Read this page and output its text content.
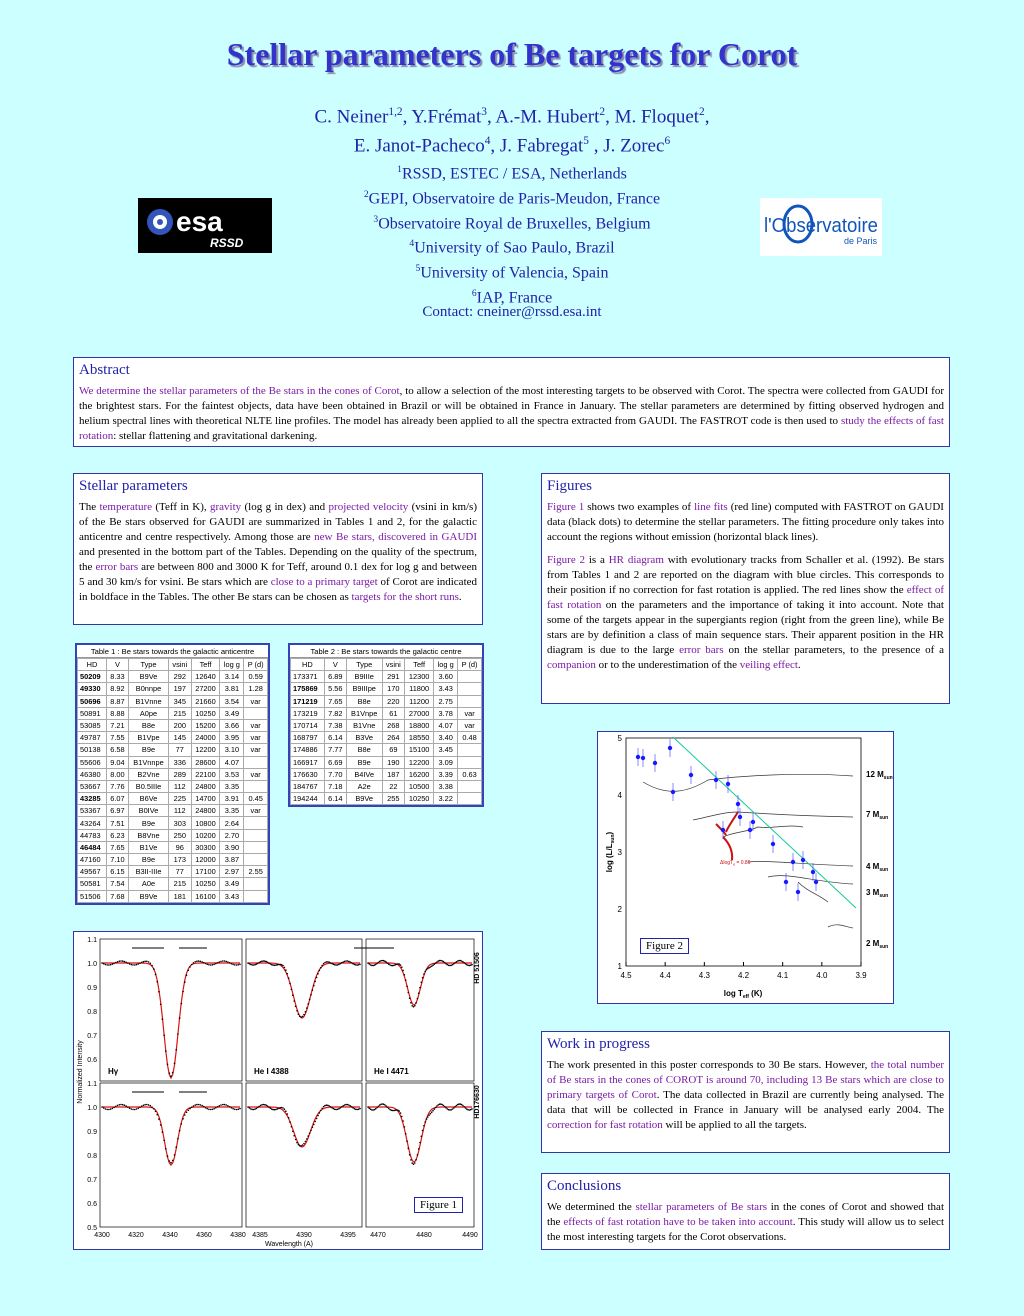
Stellar parameters of Be targets for Corot
C. Neiner$^{1,2}$, Y.Frémat$^3$, A.-M. Hubert$^2$, M. Floquet$^2$,
E. Janot-Pacheco$^4$, J. Fabregat$^5$ , J. Zorec$^6$
$^1$RSSD, ESTEC / ESA, Netherlands
$^2$GEPI, Observatoire de Paris-Meudon, France
$^3$Observatoire Royal de Bruxelles, Belgium
$^4$University of Sao Paulo, Brazil
$^5$University of Valencia, Spain
$^6$IAP, France
Contact: cneiner@rssd.esa.int
esa
RSSD
l'Observatoire
de Paris
Abstract

We determine the stellar parameters of the Be stars in the cones of Corot, to allow a selection of the most interesting targets to be observed with Corot. The spectra were collected from GAUDI for the brightest stars. For the faintest objects, data have been obtained in Brazil or will be obtained in France in January. The stellar parameters are determined by fitting observed hydrogen and helium spectral lines with theoretical NLTE line profiles. The model has already been applied to all the spectra extracted from GAUDI. The FASTROT code is then used to study the effects of fast rotation: stellar flattening and gravitational darkening.

Stellar parameters

The temperature (Teff in K), gravity (log g in dex) and projected velocity (vsini in km/s) of the Be stars observed for GAUDI are summarized in Tables 1 and 2, for the galactic anticentre and centre respectively. Among those are new Be stars, discovered in GAUDI and presented in the bottom part of the Tables. Depending on the quality of the spectrum, the error bars are between 800 and 3000 K for Teff, around 0.1 dex for log g and between 5 and 30 km/s for vsini. Be stars which are close to a primary target of Corot are indicated in boldface in the Tables. The other Be stars can be chosen as targets for the short runs.

Table 1 : Be stars towards the galactic anticentre
HD	V	Type	vsini	Teff	log g	P (d)
50209	8.33	B9Ve	292	12640	3.14	0.59
49330	8.92	B0nnpe	197	27200	3.81	1.28
50696	8.87	B1Vnne	345	21660	3.54	var
50891	8.88	A0pe	215	10250	3.49	
53085	7.21	B8e	200	15200	3.66	var
49787	7.55	B1Vpe	145	24000	3.95	var
50138	6.58	B9e	77	12200	3.10	var
55606	9.04	B1Vnnpe	336	28600	4.07	
46380	8.00	B2Vne	289	22100	3.53	var
53667	7.76	B0.5IIIe	112	24800	3.35	
43285	6.07	B6Ve	225	14700	3.91	0.45
53367	6.97	B0IVe	112	24800	3.35	var
43264	7.51	B9e	303	10800	2.64	
44783	6.23	B8Vne	250	10200	2.70	
46484	7.65	B1Ve	96	30300	3.90	
47160	7.10	B9e	173	12000	3.87	
49567	6.15	B3II-IIIe	77	17100	2.97	2.55
50581	7.54	A0e	215	10250	3.49	
51506	7.68	B9Ve	181	16100	3.43	
Table 2 : Be stars towards the galactic centre
HD	V	Type	vsini	Teff	log g	P (d)
173371	6.89	B9IIIe	291	12300	3.60	
175869	5.56	B9IIIpe	170	11800	3.43	
171219	7.65	B8e	220	11200	2.75	
173219	7.82	B1Vnpe	61	27000	3.78	var
170714	7.38	B1Vne	268	18800	4.07	var
168797	6.14	B3Ve	264	18550	3.40	0.48
174886	7.77	B8e	69	15100	3.45	
166917	6.69	B9e	190	12200	3.09	
176630	7.70	B4IVe	187	16200	3.39	0.63
184767	7.18	A2e	22	10500	3.38	
194244	6.14	B9Ve	255	10250	3.22	
Figures

Figure 1 shows two examples of line fits (red line) computed with FASTROT on GAUDI data (black dots) to determine the stellar parameters. The fitting procedure only takes into account the regions without emission (horizontal black lines).

Figure 2 is a HR diagram with evolutionary tracks from Schaller et al. (1992). Be stars from Tables 1 and 2 are reported on the diagram with blue circles. This corresponds to their position if no correction for fast rotation is applied. The red lines show the effect of fast rotation on the parameters and the importance of taking it into account. Note that some of the targets appear in the supergiants region (right from the green line), while Be stars are by definition a class of main sequence stars. Their apparent position in the HR diagram is due to the large error bars on the stellar parameters, to the presence of a companion or to the underestimation of the veiling effect.

4.5	4.4	4.3	4.2	4.1	4.0	3.9
5
4
3
2
1
ΔlogT$_e$ = 0.86
12 $M_{sun}$
7 $M_{sun}$
4 $M_{sun}$
3 $M_{sun}$
2 $M_{sun}$
$\log T_{eff}$ (K)
$\log (L/L_{sun})$
Figure 2
1.1
1.0
0.9
0.8
0.7
0.6
1.1
1.0
0.9
0.8
0.7
0.6
0.5
4300	4320	4340	4360	4380 4385	4390	4395 4470	4480	4490
Normalized Intensity
Wavelength (A)
Hγ	He I 4388	He I 4471
HD 51506
HD176630
Figure 1
Work in progress

The work presented in this poster corresponds to 30 Be stars. However, the total number of Be stars in the cones of COROT is around 70, including 13 Be stars which are close to primary targets of Corot. The data collected in Brazil are currently being analysed. The data that will be collected in France in January will be analysed early 2004. The correction for fast rotation will be applied to all the targets.

Conclusions

We determined the stellar parameters of Be stars in the cones of Corot and showed that the effects of fast rotation have to be taken into account. This study will allow us to select the most interesting targets for the Corot observations.
